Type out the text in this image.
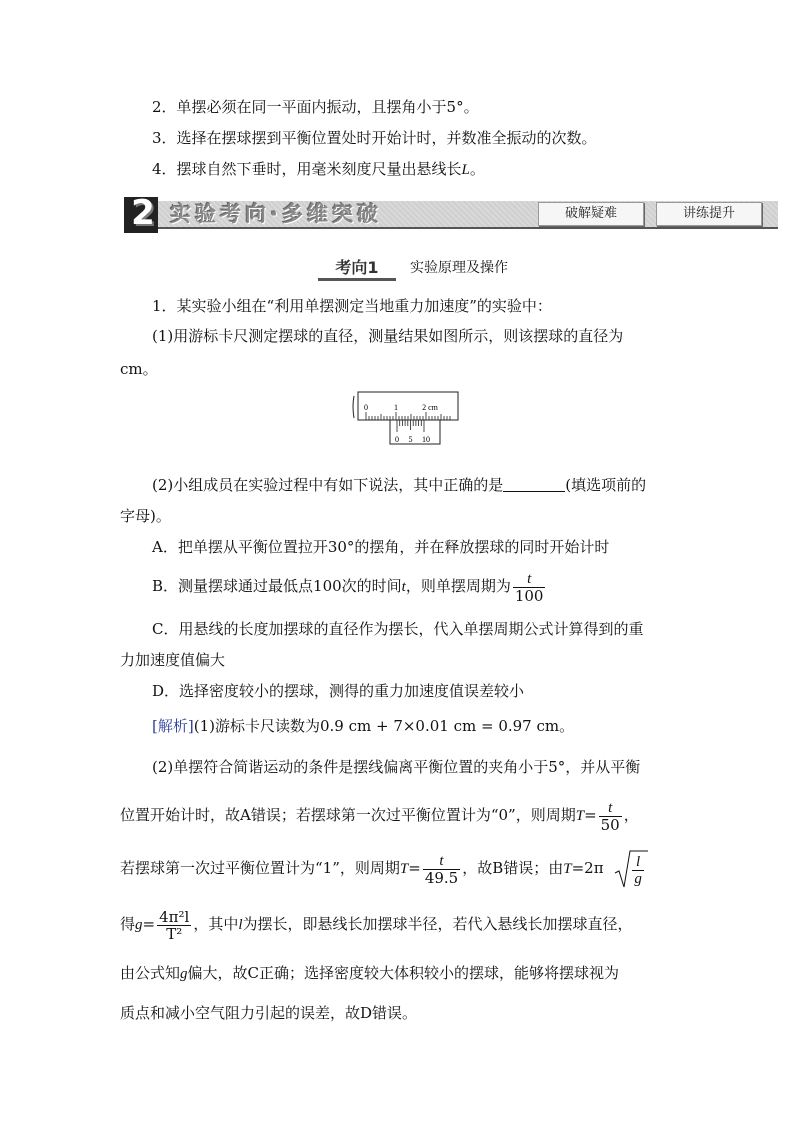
2．单摆必须在同一平面内振动，且摆角小于5°。
3．选择在摆球摆到平衡位置处时开始计时，并数准全振动的次数。
4．摆球自然下垂时，用毫米刻度尺量出悬线长L。
2 实验考向·多维突破	破解疑难	讲练提升
考向1	实验原理及操作
1．某实验小组在“利用单摆测定当地重力加速度”的实验中：
(1)用游标卡尺测定摆球的直径，测量结果如图所示，则该摆球的直径为
cm。
0	1	2 cm
0 5 10
(2)小组成员在实验过程中有如下说法，其中正确的是	(填选项前的
字母)。
A．把单摆从平衡位置拉开30°的摆角，并在释放摆球的同时开始计时
B．测量摆球通过最低点100次的时间t，则单摆周期为 $\frac{t}{100}$
C．用悬线的长度加摆球的直径作为摆长，代入单摆周期公式计算得到的重
力加速度值偏大
D．选择密度较小的摆球，测得的重力加速度值误差较小
[解析](1)游标卡尺读数为0.9 cm + 7×0.01 cm = 0.97 cm。
(2)单摆符合简谐运动的条件是摆线偏离平衡位置的夹角小于5°，并从平衡
位置开始计时，故A错误；若摆球第一次过平衡位置计为“0”，则周期$T= \frac{t}{50}$ ，
若摆球第一次过平衡位置计为“1”，则周期$T= \frac{t}{49.5}$ ，故B错误；由$T=2\pi \frac{l}{g}$
得$g= \frac{\text{4π²l}}{\text{T²}}$ ，其中l为摆长，即悬线长加摆球半径，若代入悬线长加摆球直径，
由公式知g偏大，故C正确；选择密度较大体积较小的摆球，能够将摆球视为
质点和减小空气阻力引起的误差，故D错误。
